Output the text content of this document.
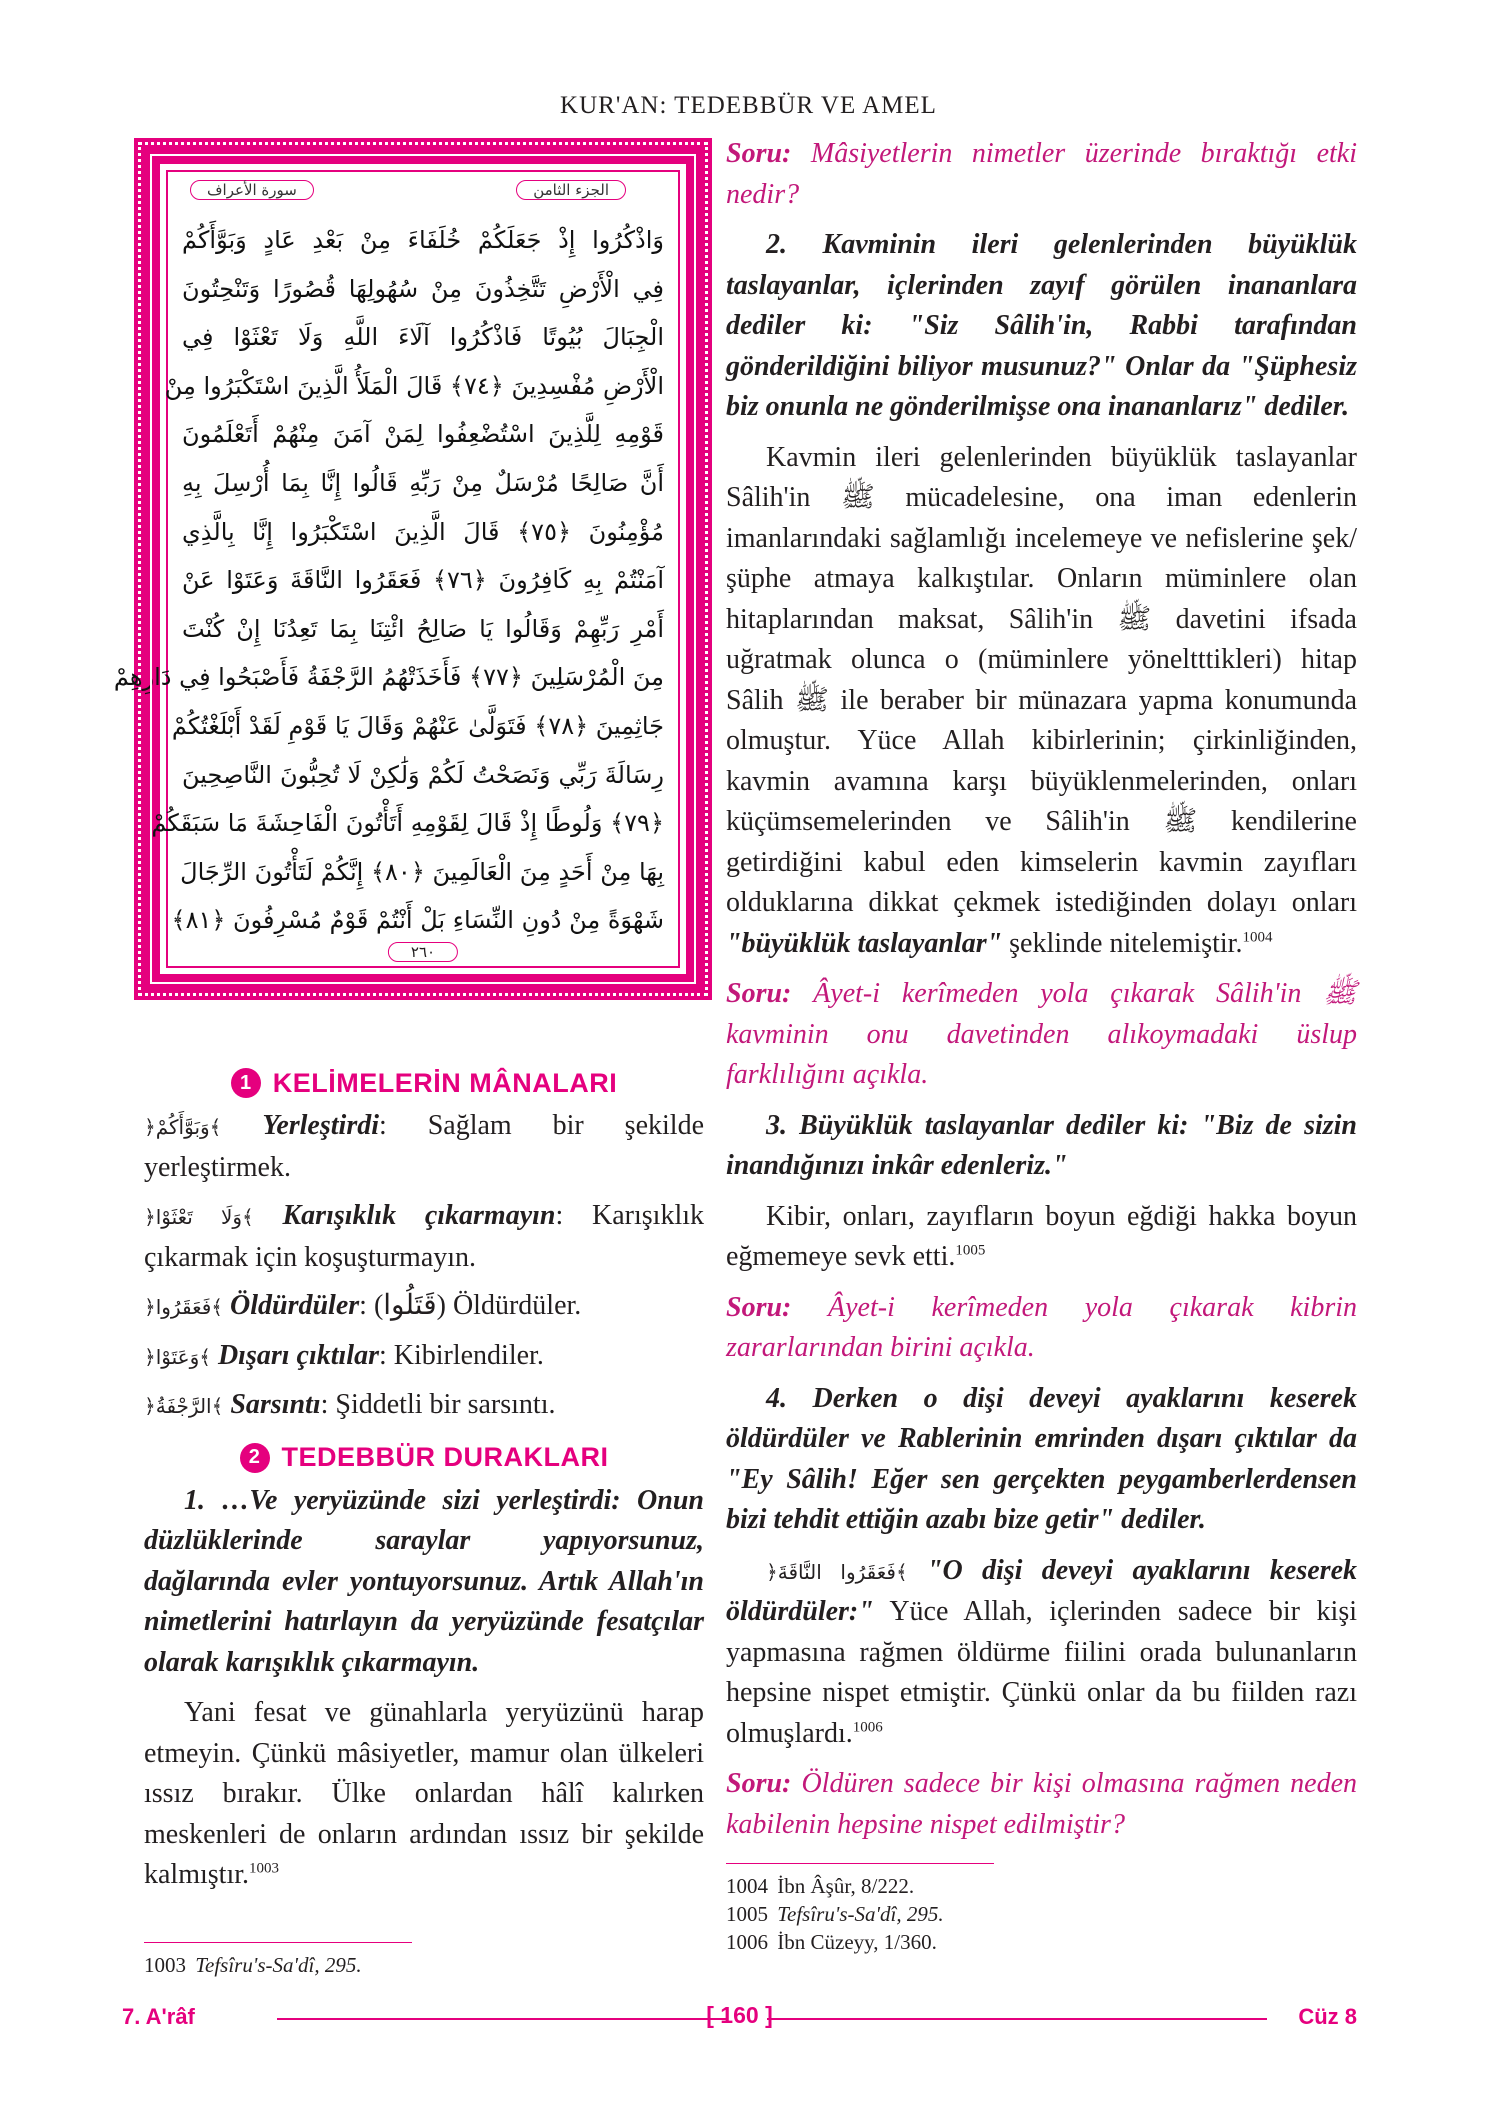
KUR'AN: TEDEBBÜR VE AMEL
الجزء الثامن
سورة الأعراف
وَاذْكُرُوا إِذْ جَعَلَكُمْ خُلَفَاءَ مِنْ بَعْدِ عَادٍ وَبَوَّأَكُمْ
فِي الْأَرْضِ تَتَّخِذُونَ مِنْ سُهُولِهَا قُصُورًا وَتَنْحِتُونَ
الْجِبَالَ بُيُوتًا فَاذْكُرُوا آلَاءَ اللَّهِ وَلَا تَعْثَوْا فِي
الْأَرْضِ مُفْسِدِينَ ﴿٧٤﴾ قَالَ الْمَلَأُ الَّذِينَ اسْتَكْبَرُوا مِنْ
قَوْمِهِ لِلَّذِينَ اسْتُضْعِفُوا لِمَنْ آمَنَ مِنْهُمْ أَتَعْلَمُونَ
أَنَّ صَالِحًا مُرْسَلٌ مِنْ رَبِّهِ قَالُوا إِنَّا بِمَا أُرْسِلَ بِهِ
مُؤْمِنُونَ ﴿٧٥﴾ قَالَ الَّذِينَ اسْتَكْبَرُوا إِنَّا بِالَّذِي
آمَنْتُمْ بِهِ كَافِرُونَ ﴿٧٦﴾ فَعَقَرُوا النَّاقَةَ وَعَتَوْا عَنْ
أَمْرِ رَبِّهِمْ وَقَالُوا يَا صَالِحُ ائْتِنَا بِمَا تَعِدُنَا إِنْ كُنْتَ
مِنَ الْمُرْسَلِينَ ﴿٧٧﴾ فَأَخَذَتْهُمُ الرَّجْفَةُ فَأَصْبَحُوا فِي دَارِهِمْ
جَاثِمِينَ ﴿٧٨﴾ فَتَوَلَّىٰ عَنْهُمْ وَقَالَ يَا قَوْمِ لَقَدْ أَبْلَغْتُكُمْ
رِسَالَةَ رَبِّي وَنَصَحْتُ لَكُمْ وَلَٰكِنْ لَا تُحِبُّونَ النَّاصِحِينَ
﴿٧٩﴾ وَلُوطًا إِذْ قَالَ لِقَوْمِهِ أَتَأْتُونَ الْفَاحِشَةَ مَا سَبَقَكُمْ
بِهَا مِنْ أَحَدٍ مِنَ الْعَالَمِينَ ﴿٨٠﴾ إِنَّكُمْ لَتَأْتُونَ الرِّجَالَ
شَهْوَةً مِنْ دُونِ النِّسَاءِ بَلْ أَنْتُمْ قَوْمٌ مُسْرِفُونَ ﴿٨١﴾
٢٦٠
1 KELİMELERİN MÂNALARI

﴿وَبَوَّأَكُمْ﴾ Yerleştirdi: Sağlam bir şekilde yerleştirmek.

﴿وَلَا تَعْثَوْا﴾ Karışıklık çıkarmayın: Karışıklık çıkarmak için koşuşturmayın.

﴿فَعَقَرُوا﴾ Öldürdüler: (قَتَلُوا) Öldürdüler.

﴿وَعَتَوْا﴾ Dışarı çıktılar: Kibirlendiler.

﴿الرَّجْفَةُ﴾ Sarsıntı: Şiddetli bir sarsıntı.

2 TEDEBBÜR DURAKLARI

1. …Ve yeryüzünde sizi yerleştirdi: Onun düzlüklerinde saraylar yapıyorsunuz, dağlarında evler yontuyorsunuz. Artık Allah'ın nimetlerini hatırlayın da yeryüzünde fesatçılar olarak karışıklık çıkarmayın.

Yani fesat ve günahlarla yeryüzünü harap etmeyin. Çünkü mâsiyetler, mamur olan ülkeleri ıssız bırakır. Ülke onlardan hâlî kalırken meskenleri de onların ardından ıssız bir şekilde kalmıştır.$^{1003}$

1003 Tefsîru's-Sa'dî, 295.

Soru: Mâsiyetlerin nimetler üzerinde bıraktığı etki nedir?

2. Kavminin ileri gelenlerinden büyüklük taslayanlar, içlerinden zayıf görülen inananlara dediler ki: "Siz Sâlih'in, Rabbi tarafından gönderildiğini biliyor musunuz?" Onlar da "Şüphesiz biz onunla ne gönderilmişse ona inananlarız" dediler.

Kavmin ileri gelenlerinden büyüklük taslayanlar Sâlih'in ﷺ mücadelesine, ona iman edenlerin imanlarındaki sağlamlığı incelemeye ve nefislerine şek/şüphe atmaya kalkıştılar. Onların müminlere olan hitaplarından maksat, Sâlih'in ﷺ davetini ifsada uğratmak olunca o (müminlere yöneltttikleri) hitap Sâlih ﷺ ile beraber bir münazara yapma konumunda olmuştur. Yüce Allah kibirlerinin; çirkinliğinden, kavmin avamına karşı büyüklenmelerinden, onları küçümsemelerinden ve Sâlih'in ﷺ kendilerine getirdiğini kabul eden kimselerin kavmin zayıfları olduklarına dikkat çekmek istediğinden dolayı onları "büyüklük taslayanlar" şeklinde nitelemiştir.$^{1004}$

Soru: Âyet-i kerîmeden yola çıkarak Sâlih'in ﷺ kavminin onu davetinden alıkoymadaki üslup farklılığını açıkla.

3. Büyüklük taslayanlar dediler ki: "Biz de sizin inandığınızı inkâr edenleriz."

Kibir, onları, zayıfların boyun eğdiği hakka boyun eğmemeye sevk etti.$^{1005}$

Soru: Âyet-i kerîmeden yola çıkarak kibrin zararlarından birini açıkla.

4. Derken o dişi deveyi ayaklarını keserek öldürdüler ve Rablerinin emrinden dışarı çıktılar da "Ey Sâlih! Eğer sen gerçekten peygamberlerdensen bizi tehdit ettiğin azabı bize getir" dediler.

﴿فَعَقَرُوا النَّاقَةَ﴾ "O dişi deveyi ayaklarını keserek öldürdüler:" Yüce Allah, içlerinden sadece bir kişi yapmasına rağmen öldürme fiilini orada bulunanların hepsine nispet etmiştir. Çünkü onlar da bu fiilden razı olmuşlardı.$^{1006}$

Soru: Öldüren sadece bir kişi olmasına rağmen neden kabilenin hepsine nispet edilmiştir?

1004 İbn Âşûr, 8/222.
1005 Tefsîru's-Sa'dî, 295.
1006 İbn Cüzeyy, 1/360.
7. A'râf	[ 160 ]	Cüz 8
